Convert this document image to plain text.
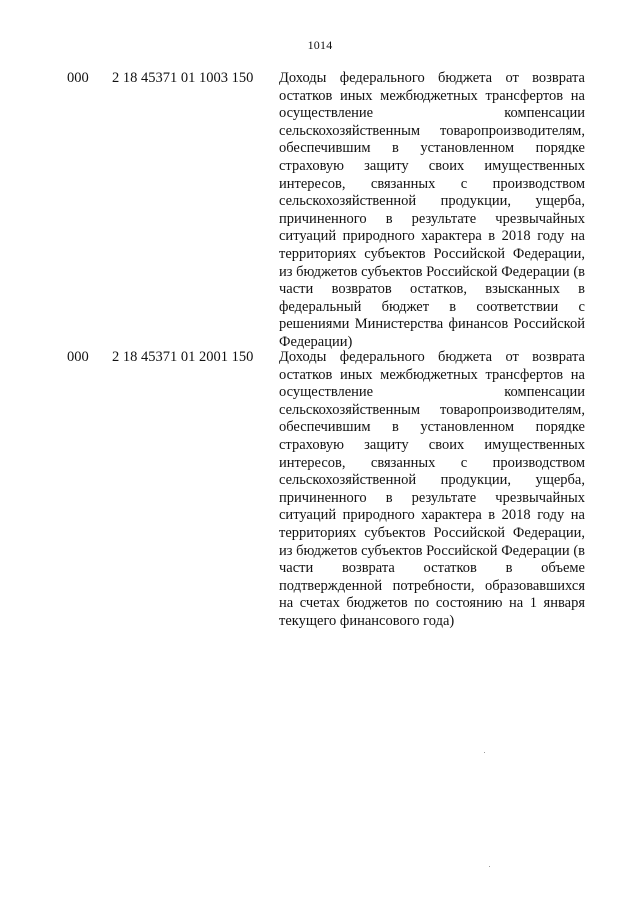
1014
000 2 18 45371 01 1003 150 Доходы федерального бюджета от возврата остатков иных межбюджетных трансфертов на осуществление компенсации сельскохозяйственным товаропроизводителям, обеспечившим в установленном порядке страховую защиту своих имущественных интересов, связанных с производством сельскохозяйственной продукции, ущерба, причиненного в результате чрезвычайных ситуаций природного характера в 2018 году на территориях субъектов Российской Федерации, из бюджетов субъектов Российской Федерации (в части возвратов остатков, взысканных в федеральный бюджет в соответствии с решениями Министерства финансов Российской Федерации)
000 2 18 45371 01 2001 150 Доходы федерального бюджета от возврата остатков иных межбюджетных трансфертов на осуществление компенсации сельскохозяйственным товаропроизводителям, обеспечившим в установленном порядке страховую защиту своих имущественных интересов, связанных с производством сельскохозяйственной продукции, ущерба, причиненного в результате чрезвычайных ситуаций природного характера в 2018 году на территориях субъектов Российской Федерации, из бюджетов субъектов Российской Федерации (в части возврата остатков в объеме подтвержденной потребности, образовавшихся на счетах бюджетов по состоянию на 1 января текущего финансового года)
